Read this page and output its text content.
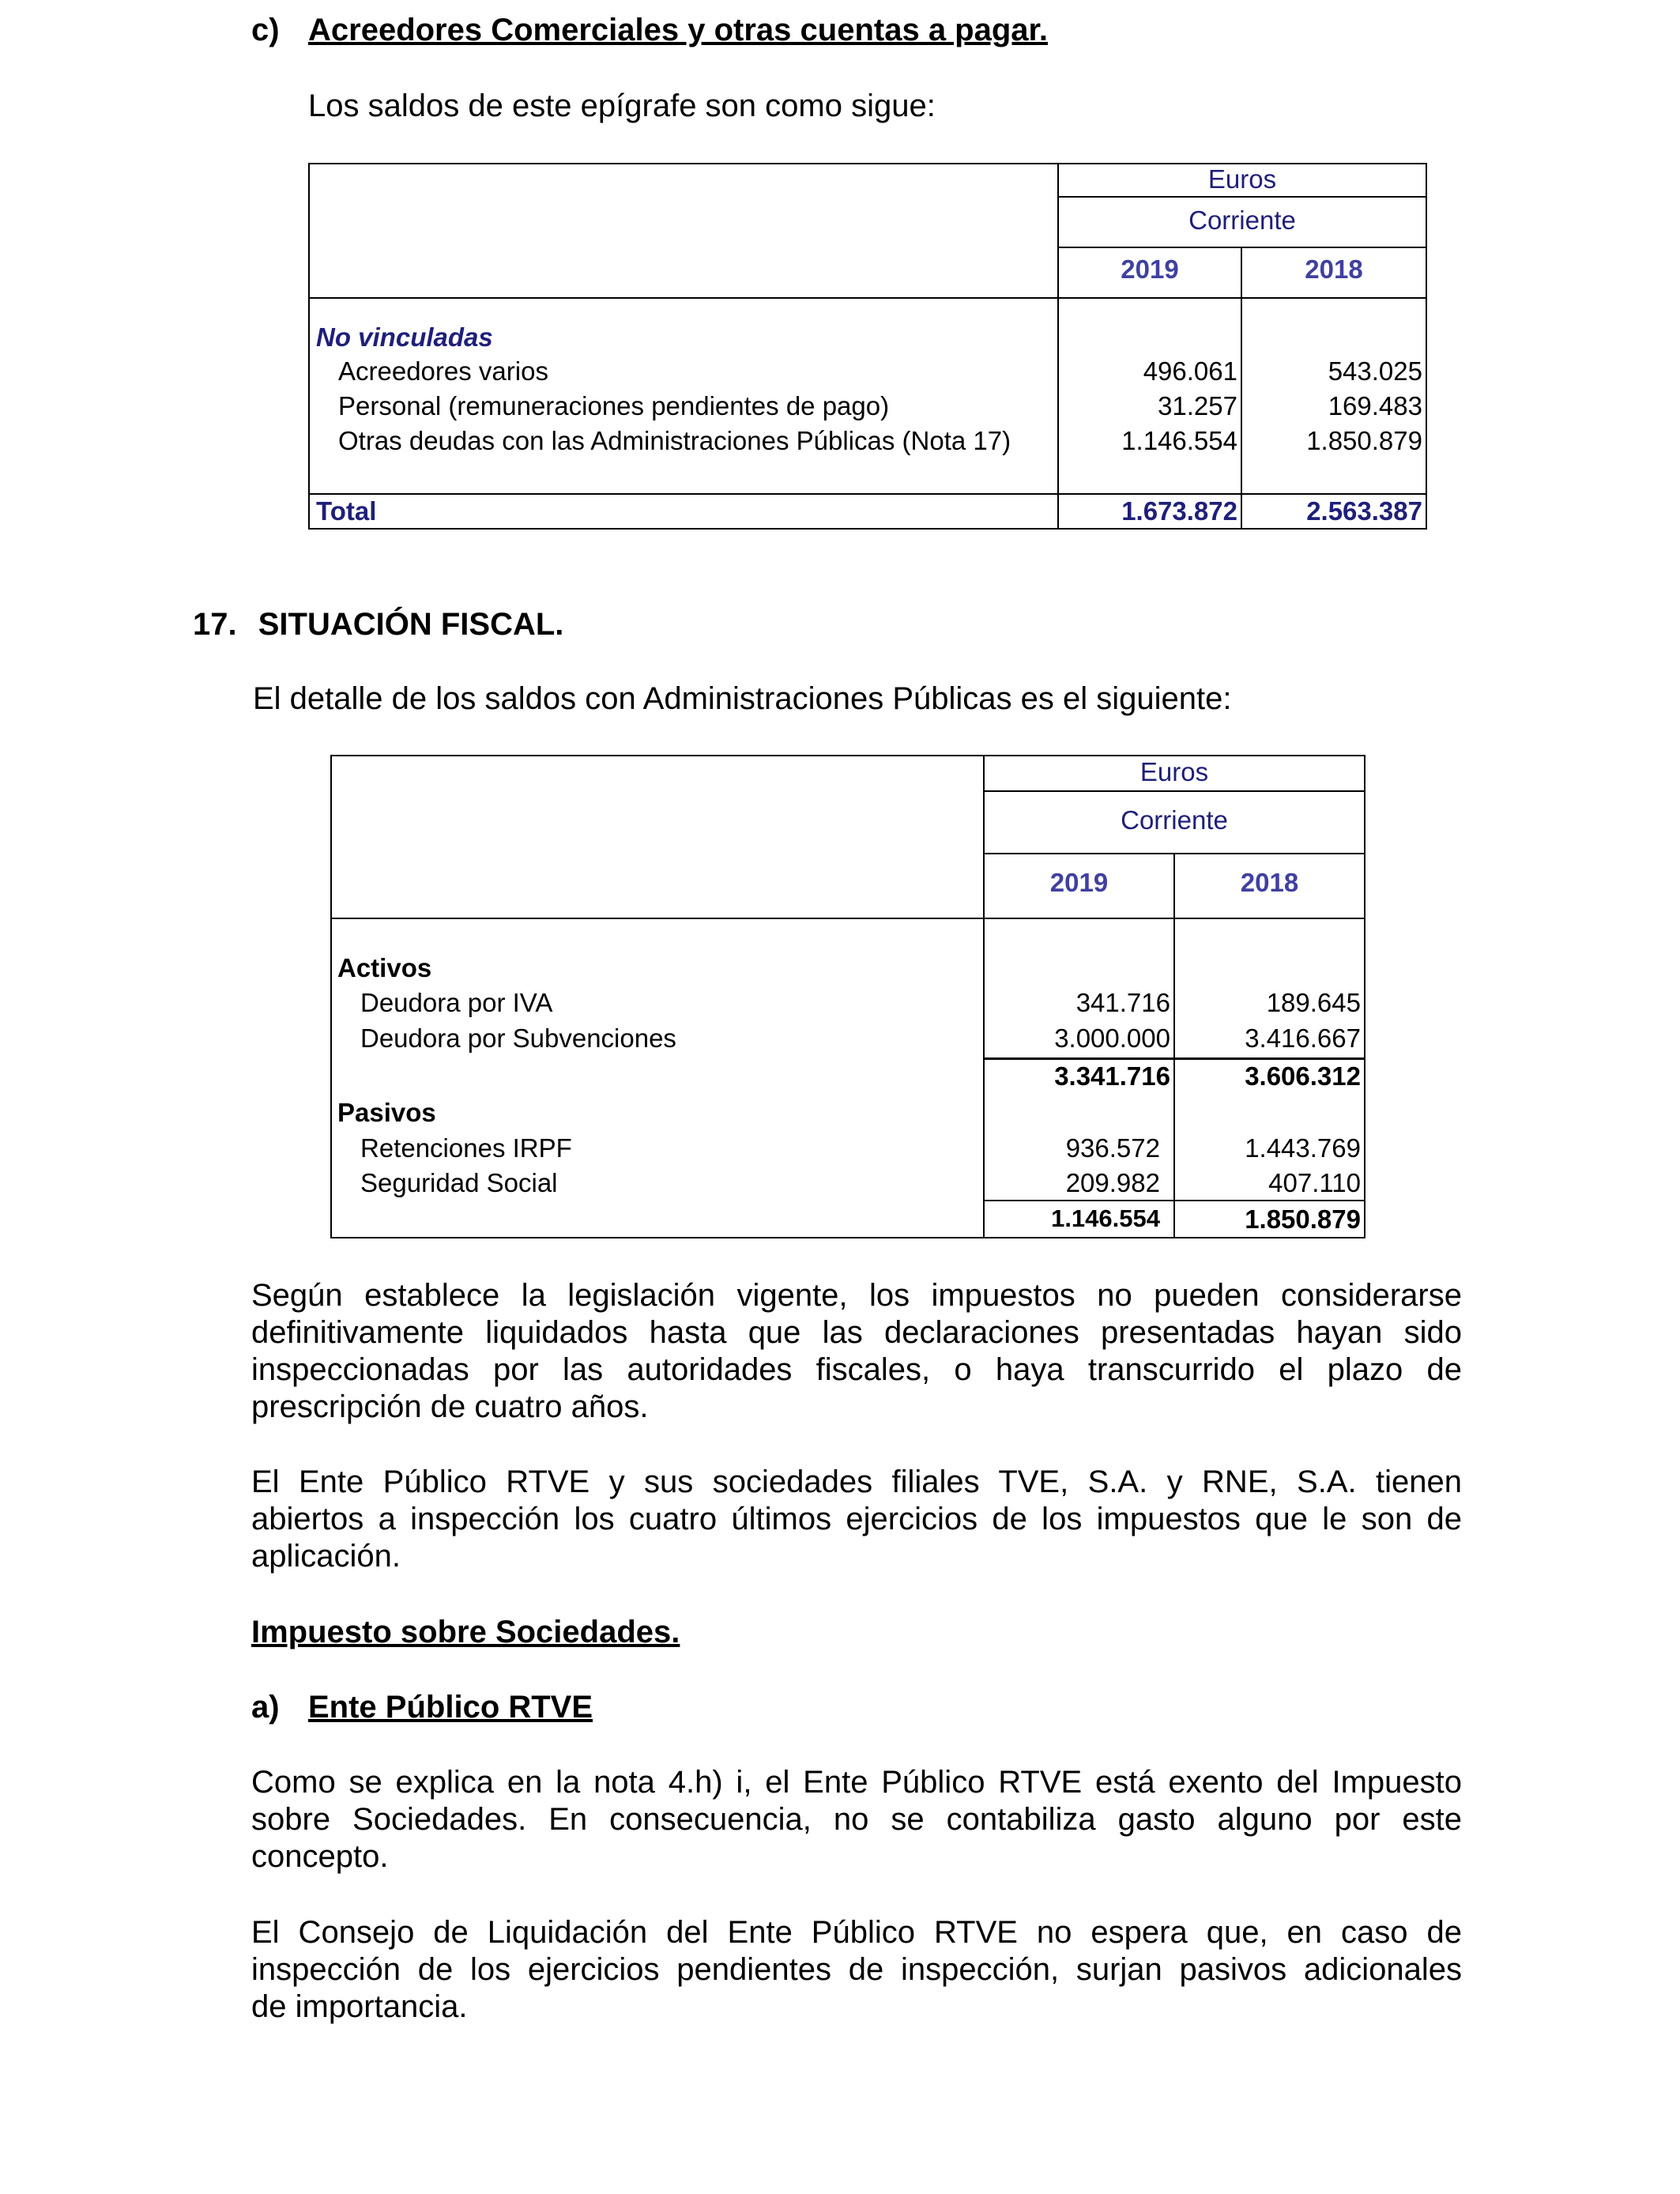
c) Acreedores Comerciales y otras cuentas a pagar.
Los saldos de este epígrafe son como sigue:
Euros
Corriente
2019	2018
No vinculadas
Acreedores varios	496.061	543.025
Personal (remuneraciones pendientes de pago)	31.257	169.483
Otras deudas con las Administraciones Públicas (Nota 17)	1.146.554	1.850.879
Total	1.673.872	2.563.387
17. SITUACIÓN FISCAL.
El detalle de los saldos con Administraciones Públicas es el siguiente:
Euros
Corriente
2019	2018
Activos
Deudora por IVA	341.716	189.645
Deudora por Subvenciones	3.000.000	3.416.667
3.341.716	3.606.312
Pasivos
Retenciones IRPF	936.572	1.443.769
Seguridad Social	209.982	407.110
1.146.554	1.850.879
Según establece la legislación vigente, los impuestos no pueden considerarse
definitivamente liquidados hasta que las declaraciones presentadas hayan sido
inspeccionadas por las autoridades fiscales, o haya transcurrido el plazo de
prescripción de cuatro años.
El Ente Público RTVE y sus sociedades filiales TVE, S.A. y RNE, S.A. tienen
abiertos a inspección los cuatro últimos ejercicios de los impuestos que le son de
aplicación.
Impuesto sobre Sociedades.
a) Ente Público RTVE
Como se explica en la nota 4.h) i, el Ente Público RTVE está exento del Impuesto
sobre Sociedades. En consecuencia, no se contabiliza gasto alguno por este
concepto.
El Consejo de Liquidación del Ente Público RTVE no espera que, en caso de
inspección de los ejercicios pendientes de inspección, surjan pasivos adicionales
de importancia.
